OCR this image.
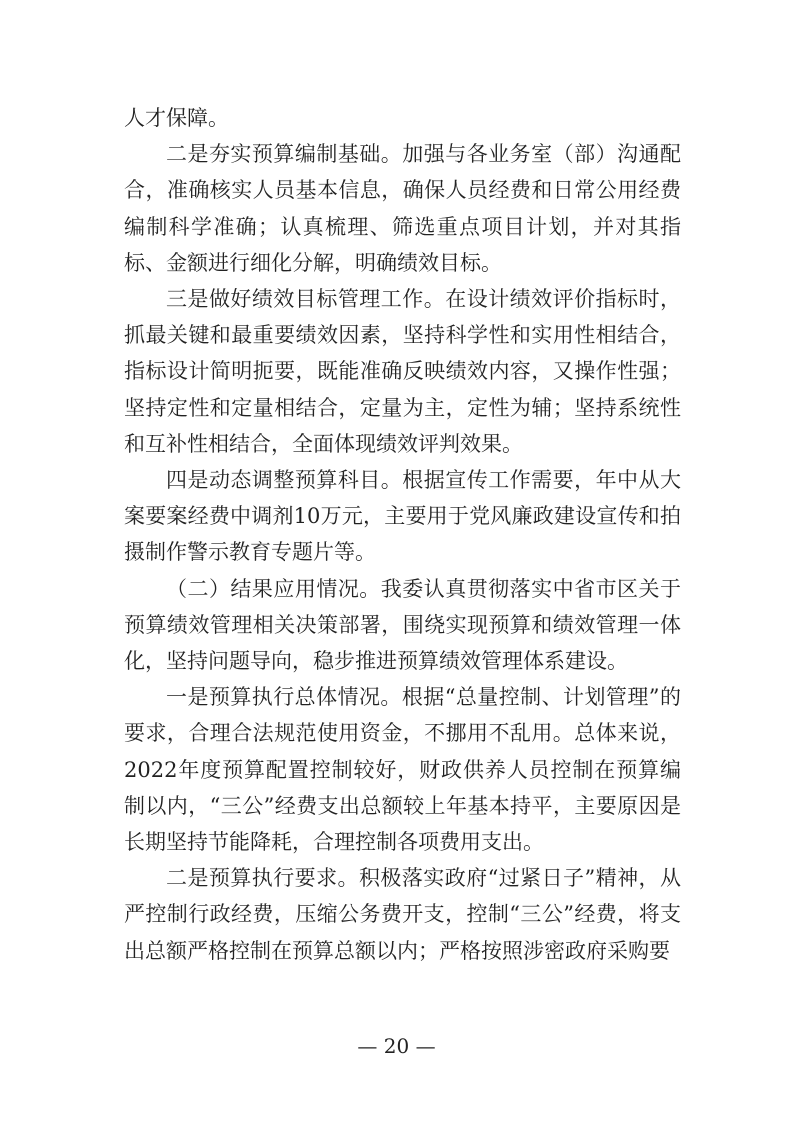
人才保障。

二是夯实预算编制基础。加强与各业务室（部）沟通配合，准确核实人员基本信息，确保人员经费和日常公用经费编制科学准确；认真梳理、筛选重点项目计划，并对其指标、金额进行细化分解，明确绩效目标。

三是做好绩效目标管理工作。在设计绩效评价指标时，抓最关键和最重要绩效因素，坚持科学性和实用性相结合，指标设计简明扼要，既能准确反映绩效内容，又操作性强；坚持定性和定量相结合，定量为主，定性为辅；坚持系统性和互补性相结合，全面体现绩效评判效果。

四是动态调整预算科目。根据宣传工作需要，年中从大案要案经费中调剂10万元，主要用于党风廉政建设宣传和拍摄制作警示教育专题片等。

（二）结果应用情况。我委认真贯彻落实中省市区关于预算绩效管理相关决策部署，围绕实现预算和绩效管理一体化，坚持问题导向，稳步推进预算绩效管理体系建设。

一是预算执行总体情况。根据“总量控制、计划管理”的要求，合理合法规范使用资金，不挪用不乱用。总体来说，2022年度预算配置控制较好，财政供养人员控制在预算编制以内，“三公”经费支出总额较上年基本持平，主要原因是长期坚持节能降耗，合理控制各项费用支出。

二是预算执行要求。积极落实政府“过紧日子”精神，从严控制行政经费，压缩公务费开支，控制“三公”经费，将支出总额严格控制在预算总额以内；严格按照涉密政府采购要

— 20 —
